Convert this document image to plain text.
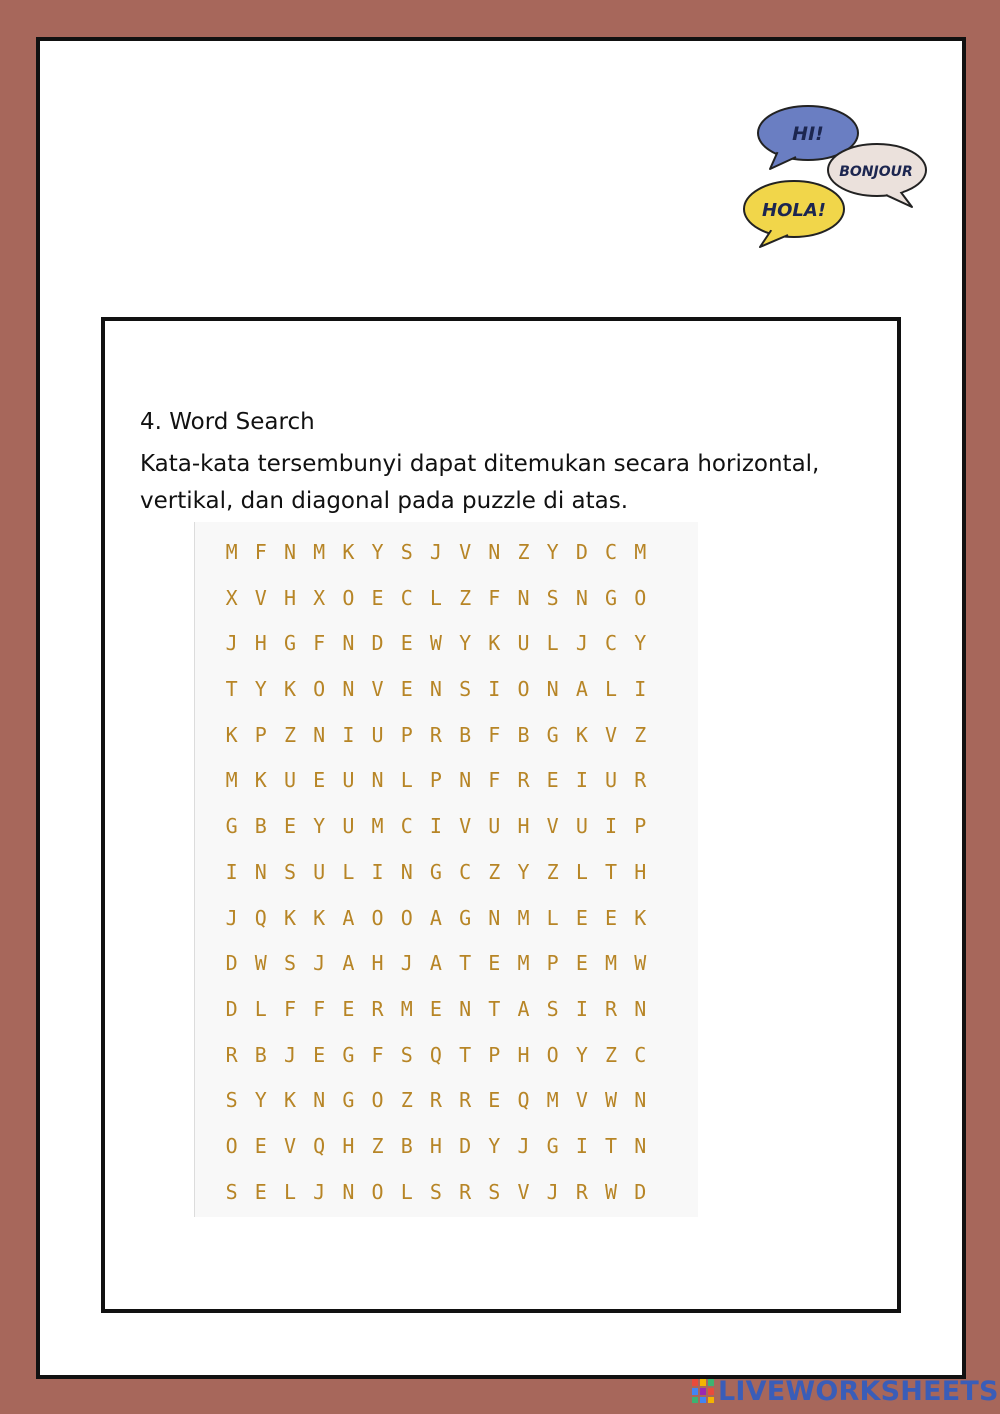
HI!
BONJOUR
HOLA!
4. Word Search
Kata-kata tersembunyi dapat ditemukan secara horizontal, vertikal, dan diagonal pada puzzle di atas.
M F N M K Y S J V N Z Y D C M
X V H X O E C L Z F N S N G O
J H G F N D E W Y K U L J C Y
T Y K O N V E N S I O N A L I
K P Z N I U P R B F B G K V Z
M K U E U N L P N F R E I U R
G B E Y U M C I V U H V U I P
I N S U L I N G C Z Y Z L T H
J Q K K A O O A G N M L E E K
D W S J A H J A T E M P E M W
D L F F E R M E N T A S I R N
R B J E G F S Q T P H O Y Z C
S Y K N G O Z R R E Q M V W N
O E V Q H Z B H D Y J G I T N
S E L J N O L S R S V J R W D
LIVEWORKSHEETS
